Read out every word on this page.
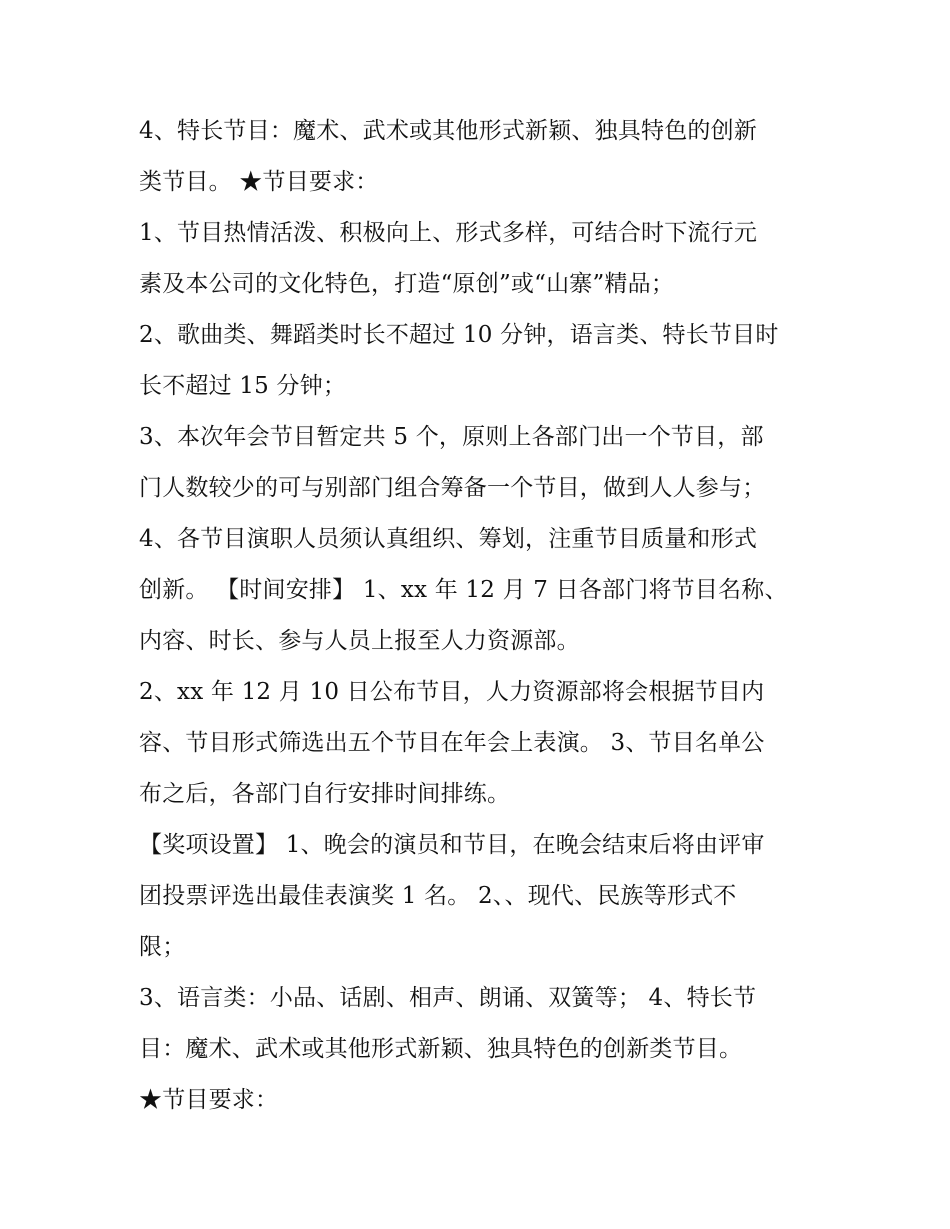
4、特长节目：魔术、武术或其他形式新颖、独具特色的创新
类节目。 ★节目要求：
1、节目热情活泼、积极向上、形式多样，可结合时下流行元
素及本公司的文化特色，打造“原创”或“山寨”精品；
2、歌曲类、舞蹈类时长不超过 10 分钟，语言类、特长节目时
长不超过 15 分钟；
3、本次年会节目暂定共 5 个，原则上各部门出一个节目，部
门人数较少的可与别部门组合筹备一个节目，做到人人参与；
4、各节目演职人员须认真组织、筹划，注重节目质量和形式
创新。 【时间安排】 1、xx 年 12 月 7 日各部门将节目名称、
内容、时长、参与人员上报至人力资源部。
2、xx 年 12 月 10 日公布节目，人力资源部将会根据节目内
容、节目形式筛选出五个节目在年会上表演。 3、节目名单公
布之后，各部门自行安排时间排练。
【奖项设置】 1、晚会的演员和节目，在晚会结束后将由评审
团投票评选出最佳表演奖 1 名。 2、、现代、民族等形式不
限；
3、语言类：小品、话剧、相声、朗诵、双簧等； 4、特长节
目：魔术、武术或其他形式新颖、独具特色的创新类节目。
★节目要求：
